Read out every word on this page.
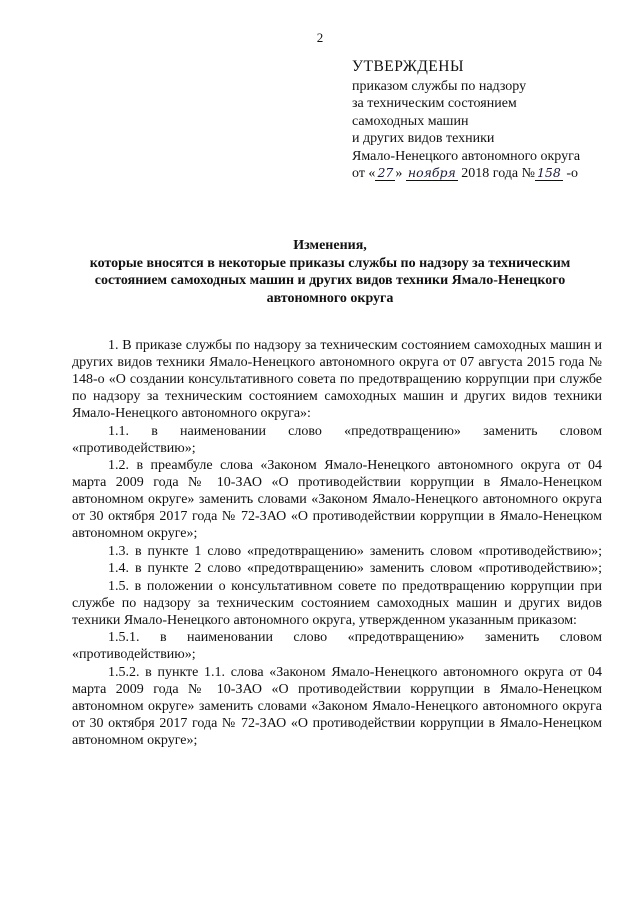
2
УТВЕРЖДЕНЫ
приказом службы по надзору
за техническим состоянием
самоходных машин
и других видов техники
Ямало-Ненецкого автономного округа
от « 27 » ноября 2018 года № 158 -о
Изменения,
которые вносятся в некоторые приказы службы по надзору за техническим состоянием самоходных машин и других видов техники Ямало-Ненецкого автономного округа

1. В приказе службы по надзору за техническим состоянием самоходных машин и других видов техники Ямало-Ненецкого автономного округа от 07 августа 2015 года № 148-о «О создании консультативного совета по предотвращению коррупции при службе по надзору за техническим состоянием самоходных машин и других видов техники Ямало-Ненецкого автономного округа»:

1.1. в наименовании слово «предотвращению» заменить словом «противодействию»;

1.2. в преамбуле слова «Законом Ямало-Ненецкого автономного округа от 04 марта 2009 года № 10-ЗАО «О противодействии коррупции в Ямало-Ненецком автономном округе» заменить словами «Законом Ямало-Ненецкого автономного округа от 30 октября 2017 года № 72-ЗАО «О противодействии коррупции в Ямало-Ненецком автономном округе»;

1.3. в пункте 1 слово «предотвращению» заменить словом «противодействию»;

1.4. в пункте 2 слово «предотвращению» заменить словом «противодействию»;

1.5. в положении о консультативном совете по предотвращению коррупции при службе по надзору за техническим состоянием самоходных машин и других видов техники Ямало-Ненецкого автономного округа, утвержденном указанным приказом:

1.5.1. в наименовании слово «предотвращению» заменить словом «противодействию»;

1.5.2. в пункте 1.1. слова «Законом Ямало-Ненецкого автономного округа от 04 марта 2009 года № 10-ЗАО «О противодействии коррупции в Ямало-Ненецком автономном округе» заменить словами «Законом Ямало-Ненецкого автономного округа от 30 октября 2017 года № 72-ЗАО «О противодействии коррупции в Ямало-Ненецком автономном округе»;
